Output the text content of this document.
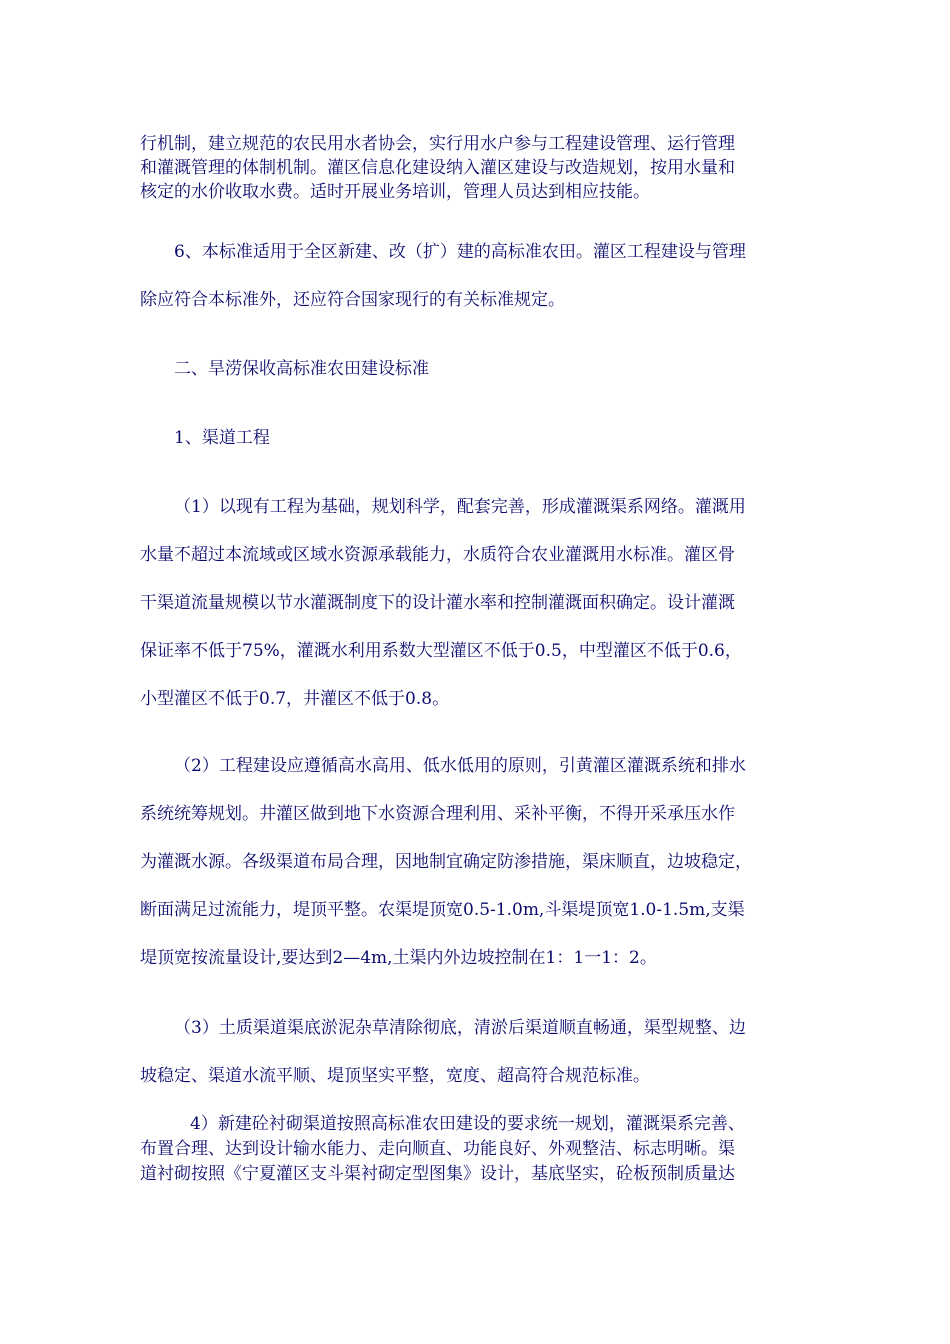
行机制，建立规范的农民用水者协会，实行用水户参与工程建设管理、运行管理
和灌溉管理的体制机制。灌区信息化建设纳入灌区建设与改造规划，按用水量和
核定的水价收取水费。适时开展业务培训，管理人员达到相应技能。
6、本标准适用于全区新建、改（扩）建的高标准农田。灌区工程建设与管理
除应符合本标准外，还应符合国家现行的有关标准规定。
二、旱涝保收高标准农田建设标准
1、渠道工程
（1）以现有工程为基础，规划科学，配套完善，形成灌溉渠系网络。灌溉用
水量不超过本流域或区域水资源承载能力，水质符合农业灌溉用水标准。灌区骨
干渠道流量规模以节水灌溉制度下的设计灌水率和控制灌溉面积确定。设计灌溉
保证率不低于75%，灌溉水利用系数大型灌区不低于0.5，中型灌区不低于0.6，
小型灌区不低于0.7，井灌区不低于0.8。
（2）工程建设应遵循高水高用、低水低用的原则，引黄灌区灌溉系统和排水
系统统筹规划。井灌区做到地下水资源合理利用、采补平衡，不得开采承压水作
为灌溉水源。各级渠道布局合理，因地制宜确定防渗措施，渠床顺直，边坡稳定，
断面满足过流能力，堤顶平整。农渠堤顶宽0.5-1.0m,斗渠堤顶宽1.0-1.5m,支渠
堤顶宽按流量设计,要达到2—4m,土渠内外边坡控制在1：1一1：2。
（3）土质渠道渠底淤泥杂草清除彻底，清淤后渠道顺直畅通，渠型规整、边
坡稳定、渠道水流平顺、堤顶坚实平整，宽度、超高符合规范标准。
4）新建砼衬砌渠道按照高标准农田建设的要求统一规划，灌溉渠系完善、
布置合理、达到设计输水能力、走向顺直、功能良好、外观整洁、标志明晰。渠
道衬砌按照《宁夏灌区支斗渠衬砌定型图集》设计，基底坚实，砼板预制质量达
